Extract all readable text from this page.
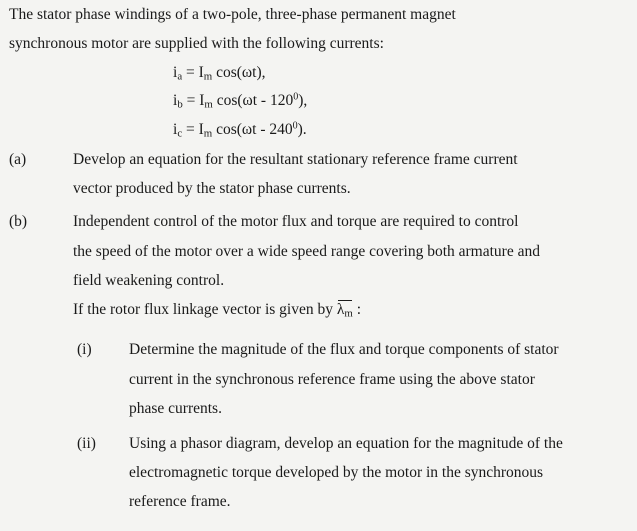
The stator phase windings of a two-pole, three-phase permanent magnet
synchronous motor are supplied with the following currents:
$i_a = I_m$ cos(ωt),
$i_b = I_m$ $\cos(\omega t - 120^0)$,
$i_c = I_m$ $\cos(\omega t - 240^0)$.
(a)	Develop an equation for the resultant stationary reference frame current
vector produced by the stator phase currents.
(b)	Independent control of the motor flux and torque are required to control
the speed of the motor over a wide speed range covering both armature and
field weakening control.
If the rotor flux linkage vector is given by $\lambda_m$ :
(i) Determine the magnitude of the flux and torque components of stator
current in the synchronous reference frame using the above stator
phase currents.
(ii) Using a phasor diagram, develop an equation for the magnitude of the
electromagnetic torque developed by the motor in the synchronous
reference frame.
